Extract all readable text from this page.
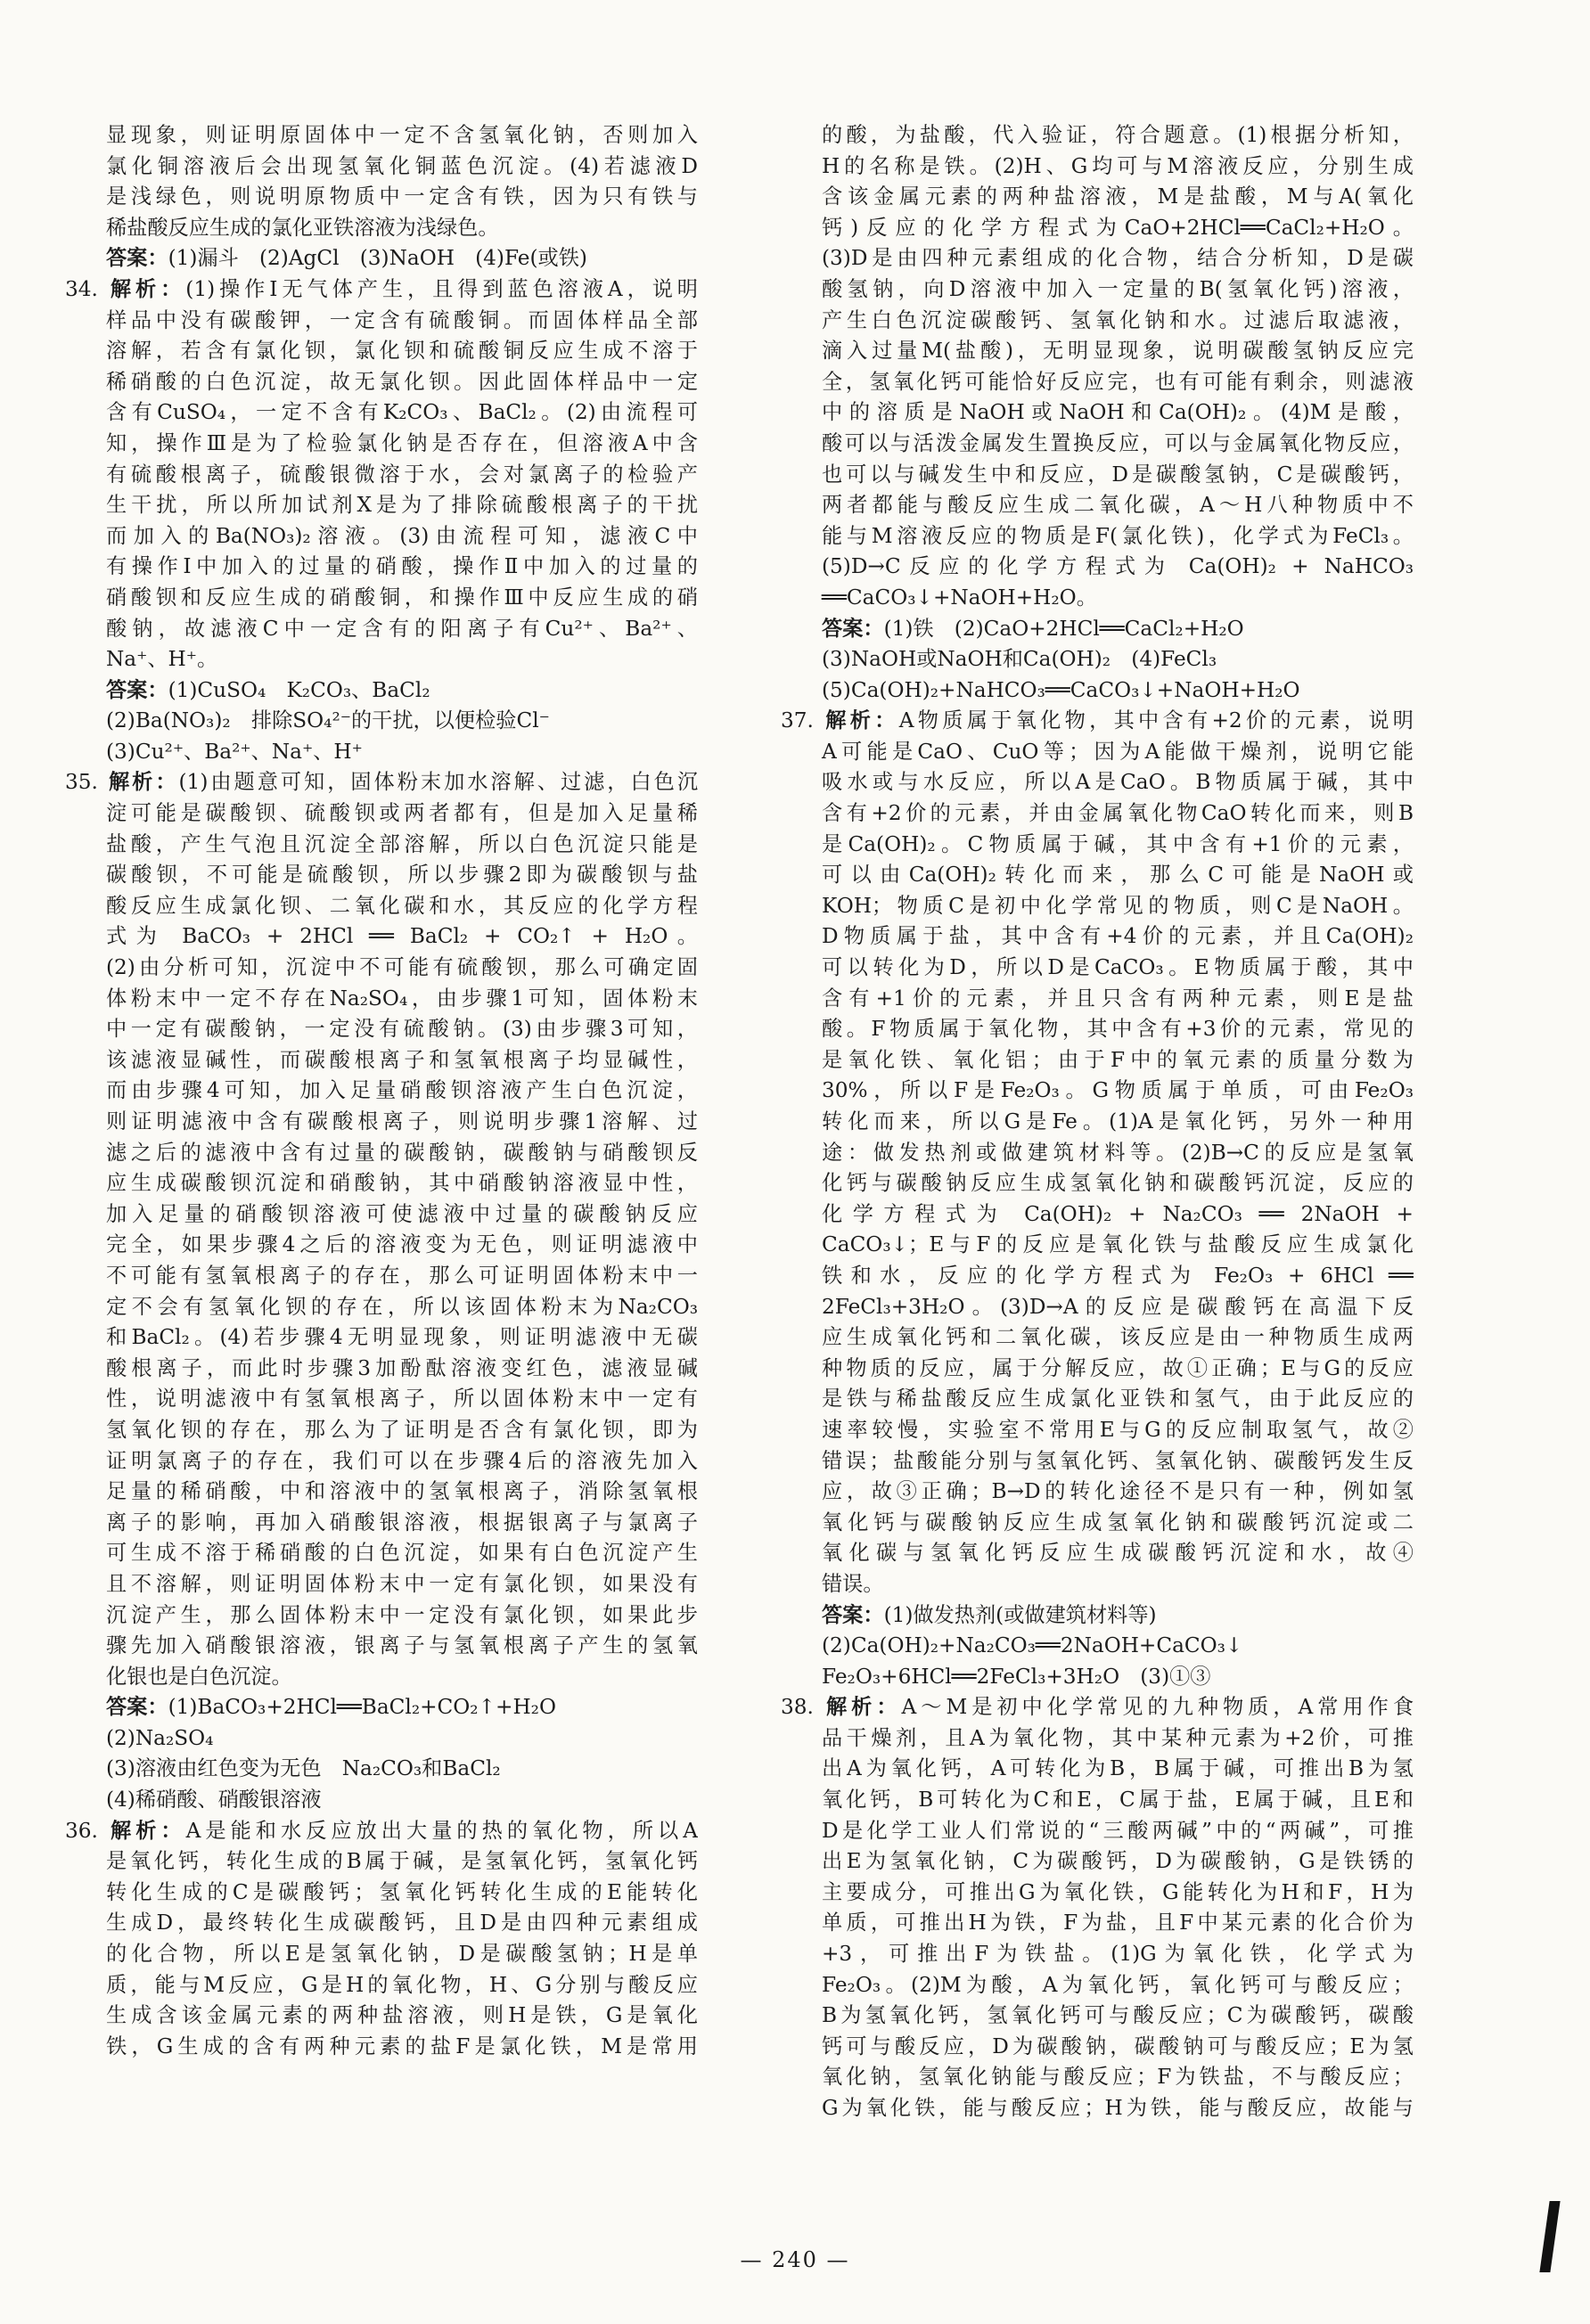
显现象，则证明原固体中一定不含氢氧化钠，否则加入
氯化铜溶液后会出现氢氧化铜蓝色沉淀。(4)若滤液D
是浅绿色，则说明原物质中一定含有铁，因为只有铁与
稀盐酸反应生成的氯化亚铁溶液为浅绿色。
答案：(1)漏斗　(2)AgCl　(3)NaOH　(4)Fe(或铁)
34. 解析：(1)操作Ⅰ无气体产生，且得到蓝色溶液A，说明
样品中没有碳酸钾，一定含有硫酸铜。而固体样品全部
溶解，若含有氯化钡，氯化钡和硫酸铜反应生成不溶于
稀硝酸的白色沉淀，故无氯化钡。因此固体样品中一定
含有CuSO₄，一定不含有K₂CO₃、BaCl₂。(2)由流程可
知，操作Ⅲ是为了检验氯化钠是否存在，但溶液A中含
有硫酸根离子，硫酸银微溶于水，会对氯离子的检验产
生干扰，所以所加试剂X是为了排除硫酸根离子的干扰
而加入的Ba(NO₃)₂溶液。(3)由流程可知，滤液C中
有操作Ⅰ中加入的过量的硝酸，操作Ⅱ中加入的过量的
硝酸钡和反应生成的硝酸铜，和操作Ⅲ中反应生成的硝
酸钠，故滤液C中一定含有的阳离子有Cu²⁺、Ba²⁺、
Na⁺、H⁺。
答案：(1)CuSO₄　K₂CO₃、BaCl₂
(2)Ba(NO₃)₂　排除SO₄²⁻的干扰，以便检验Cl⁻
(3)Cu²⁺、Ba²⁺、Na⁺、H⁺
35. 解析：(1)由题意可知，固体粉末加水溶解、过滤，白色沉
淀可能是碳酸钡、硫酸钡或两者都有，但是加入足量稀
盐酸，产生气泡且沉淀全部溶解，所以白色沉淀只能是
碳酸钡，不可能是硫酸钡，所以步骤2即为碳酸钡与盐
酸反应生成氯化钡、二氧化碳和水，其反应的化学方程
式为 BaCO₃ + 2HCl ══ BaCl₂ + CO₂↑ + H₂O。
(2)由分析可知，沉淀中不可能有硫酸钡，那么可确定固
体粉末中一定不存在Na₂SO₄，由步骤1可知，固体粉末
中一定有碳酸钠，一定没有硫酸钠。(3)由步骤3可知，
该滤液显碱性，而碳酸根离子和氢氧根离子均显碱性，
而由步骤4可知，加入足量硝酸钡溶液产生白色沉淀，
则证明滤液中含有碳酸根离子，则说明步骤1溶解、过
滤之后的滤液中含有过量的碳酸钠，碳酸钠与硝酸钡反
应生成碳酸钡沉淀和硝酸钠，其中硝酸钠溶液显中性，
加入足量的硝酸钡溶液可使滤液中过量的碳酸钠反应
完全，如果步骤4之后的溶液变为无色，则证明滤液中
不可能有氢氧根离子的存在，那么可证明固体粉末中一
定不会有氢氧化钡的存在，所以该固体粉末为Na₂CO₃
和BaCl₂。(4)若步骤4无明显现象，则证明滤液中无碳
酸根离子，而此时步骤3加酚酞溶液变红色，滤液显碱
性，说明滤液中有氢氧根离子，所以固体粉末中一定有
氢氧化钡的存在，那么为了证明是否含有氯化钡，即为
证明氯离子的存在，我们可以在步骤4后的溶液先加入
足量的稀硝酸，中和溶液中的氢氧根离子，消除氢氧根
离子的影响，再加入硝酸银溶液，根据银离子与氯离子
可生成不溶于稀硝酸的白色沉淀，如果有白色沉淀产生
且不溶解，则证明固体粉末中一定有氯化钡，如果没有
沉淀产生，那么固体粉末中一定没有氯化钡，如果此步
骤先加入硝酸银溶液，银离子与氢氧根离子产生的氢氧
化银也是白色沉淀。
答案：(1)BaCO₃+2HCl══BaCl₂+CO₂↑+H₂O
(2)Na₂SO₄
(3)溶液由红色变为无色　Na₂CO₃和BaCl₂
(4)稀硝酸、硝酸银溶液
36. 解析：A是能和水反应放出大量的热的氧化物，所以A
是氧化钙，转化生成的B属于碱，是氢氧化钙，氢氧化钙
转化生成的C是碳酸钙；氢氧化钙转化生成的E能转化
生成D，最终转化生成碳酸钙，且D是由四种元素组成
的化合物，所以E是氢氧化钠，D是碳酸氢钠；H是单
质，能与M反应，G是H的氧化物，H、G分别与酸反应
生成含该金属元素的两种盐溶液，则H是铁，G是氧化
铁，G生成的含有两种元素的盐F是氯化铁，M是常用
的酸，为盐酸，代入验证，符合题意。(1)根据分析知，
H的名称是铁。(2)H、G均可与M溶液反应，分别生成
含该金属元素的两种盐溶液，M是盐酸，M与A(氧化
钙)反应的化学方程式为CaO+2HCl══CaCl₂+H₂O。
(3)D是由四种元素组成的化合物，结合分析知，D是碳
酸氢钠，向D溶液中加入一定量的B(氢氧化钙)溶液，
产生白色沉淀碳酸钙、氢氧化钠和水。过滤后取滤液，
滴入过量M(盐酸)，无明显现象，说明碳酸氢钠反应完
全，氢氧化钙可能恰好反应完，也有可能有剩余，则滤液
中的溶质是NaOH或NaOH和Ca(OH)₂。(4)M是酸，
酸可以与活泼金属发生置换反应，可以与金属氧化物反应，
也可以与碱发生中和反应，D是碳酸氢钠，C是碳酸钙，
两者都能与酸反应生成二氧化碳，A～H八种物质中不
能与M溶液反应的物质是F(氯化铁)，化学式为FeCl₃。
(5)D→C反应的化学方程式为 Ca(OH)₂ + NaHCO₃
══CaCO₃↓+NaOH+H₂O。
答案：(1)铁　(2)CaO+2HCl══CaCl₂+H₂O
(3)NaOH或NaOH和Ca(OH)₂　(4)FeCl₃
(5)Ca(OH)₂+NaHCO₃══CaCO₃↓+NaOH+H₂O
37. 解析：A物质属于氧化物，其中含有+2价的元素，说明
A可能是CaO、CuO等；因为A能做干燥剂，说明它能
吸水或与水反应，所以A是CaO。B物质属于碱，其中
含有+2价的元素，并由金属氧化物CaO转化而来，则B
是Ca(OH)₂。C物质属于碱，其中含有+1价的元素，
可以由Ca(OH)₂转化而来，那么C可能是NaOH或
KOH；物质C是初中化学常见的物质，则C是NaOH。
D物质属于盐，其中含有+4价的元素，并且Ca(OH)₂
可以转化为D，所以D是CaCO₃。E物质属于酸，其中
含有+1价的元素，并且只含有两种元素，则E是盐
酸。F物质属于氧化物，其中含有+3价的元素，常见的
是氧化铁、氧化铝；由于F中的氧元素的质量分数为
30%，所以F是Fe₂O₃。G物质属于单质，可由Fe₂O₃
转化而来，所以G是Fe。(1)A是氧化钙，另外一种用
途：做发热剂或做建筑材料等。(2)B→C的反应是氢氧
化钙与碳酸钠反应生成氢氧化钠和碳酸钙沉淀，反应的
化学方程式为 Ca(OH)₂ + Na₂CO₃ ══ 2NaOH +
CaCO₃↓；E与F的反应是氧化铁与盐酸反应生成氯化
铁和水，反应的化学方程式为 Fe₂O₃ + 6HCl ══
2FeCl₃+3H₂O。(3)D→A的反应是碳酸钙在高温下反
应生成氧化钙和二氧化碳，该反应是由一种物质生成两
种物质的反应，属于分解反应，故①正确；E与G的反应
是铁与稀盐酸反应生成氯化亚铁和氢气，由于此反应的
速率较慢，实验室不常用E与G的反应制取氢气，故②
错误；盐酸能分别与氢氧化钙、氢氧化钠、碳酸钙发生反
应，故③正确；B→D的转化途径不是只有一种，例如氢
氧化钙与碳酸钠反应生成氢氧化钠和碳酸钙沉淀或二
氧化碳与氢氧化钙反应生成碳酸钙沉淀和水，故④
错误。
答案：(1)做发热剂(或做建筑材料等)
(2)Ca(OH)₂+Na₂CO₃══2NaOH+CaCO₃↓
Fe₂O₃+6HCl══2FeCl₃+3H₂O　(3)①③
38. 解析：A～M是初中化学常见的九种物质，A常用作食
品干燥剂，且A为氧化物，其中某种元素为+2价，可推
出A为氧化钙，A可转化为B，B属于碱，可推出B为氢
氧化钙，B可转化为C和E，C属于盐，E属于碱，且E和
D是化学工业人们常说的“三酸两碱”中的“两碱”，可推
出E为氢氧化钠，C为碳酸钙，D为碳酸钠，G是铁锈的
主要成分，可推出G为氧化铁，G能转化为H和F，H为
单质，可推出H为铁，F为盐，且F中某元素的化合价为
+3，可推出F为铁盐。(1)G为氧化铁，化学式为
Fe₂O₃。(2)M为酸，A为氧化钙，氧化钙可与酸反应；
B为氢氧化钙，氢氧化钙可与酸反应；C为碳酸钙，碳酸
钙可与酸反应，D为碳酸钠，碳酸钠可与酸反应；E为氢
氧化钠，氢氧化钠能与酸反应；F为铁盐，不与酸反应；
G为氧化铁，能与酸反应；H为铁，能与酸反应，故能与
— 240 —
